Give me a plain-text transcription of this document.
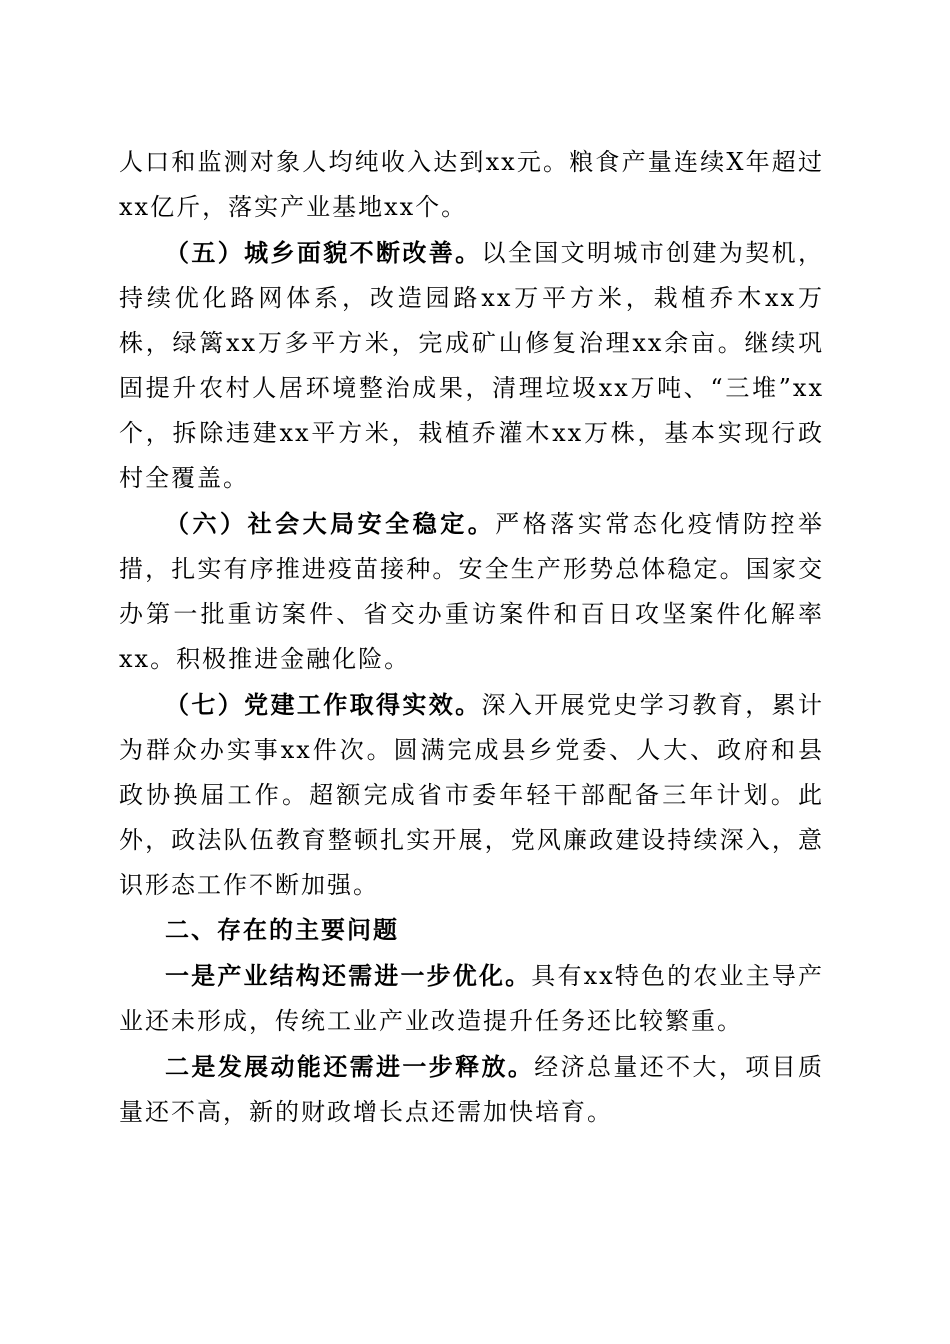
人口和监测对象人均纯收入达到xx元。粮食产量连续X年超过xx亿斤，落实产业基地xx个。

（五）城乡面貌不断改善。以全国文明城市创建为契机，持续优化路网体系，改造园路xx万平方米，栽植乔木xx万株，绿篱xx万多平方米，完成矿山修复治理xx余亩。继续巩固提升农村人居环境整治成果，清理垃圾xx万吨、“三堆”xx个，拆除违建xx平方米，栽植乔灌木xx万株，基本实现行政村全覆盖。

（六）社会大局安全稳定。严格落实常态化疫情防控举措，扎实有序推进疫苗接种。安全生产形势总体稳定。国家交办第一批重访案件、省交办重访案件和百日攻坚案件化解率xx。积极推进金融化险。

（七）党建工作取得实效。深入开展党史学习教育，累计为群众办实事xx件次。圆满完成县乡党委、人大、政府和县政协换届工作。超额完成省市委年轻干部配备三年计划。此外，政法队伍教育整顿扎实开展，党风廉政建设持续深入，意识形态工作不断加强。

二、存在的主要问题

一是产业结构还需进一步优化。具有xx特色的农业主导产业还未形成，传统工业产业改造提升任务还比较繁重。

二是发展动能还需进一步释放。经济总量还不大，项目质量还不高，新的财政增长点还需加快培育。
